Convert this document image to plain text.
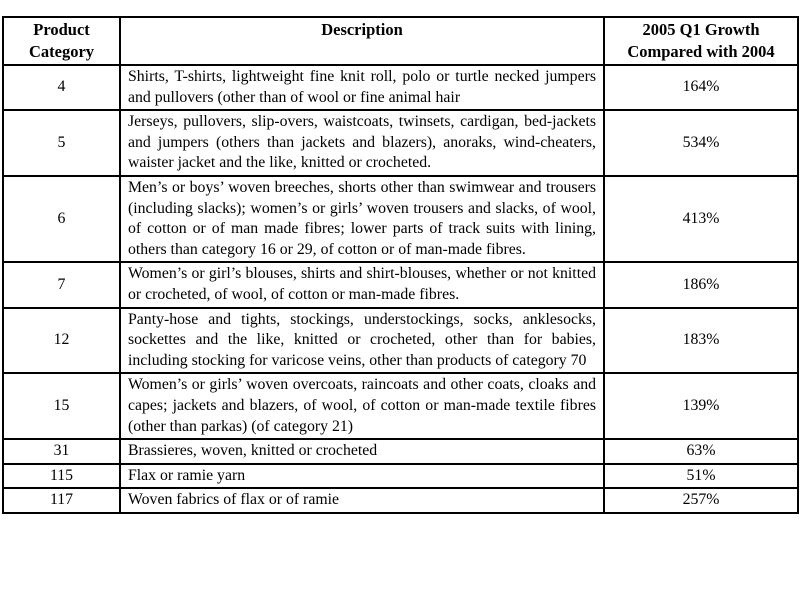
Product Category	Description	2005 Q1 Growth Compared with 2004
4	Shirts, T-shirts, lightweight fine knit roll, polo or turtle necked jumpers and pullovers (other than of wool or fine animal hair	164%
5	Jerseys, pullovers, slip-overs, waistcoats, twinsets, cardigan, bed-jackets and jumpers (others than jackets and blazers), anoraks, wind-cheaters, waister jacket and the like, knitted or crocheted.	534%
6	Men’s or boys’ woven breeches, shorts other than swimwear and trousers (including slacks); women’s or girls’ woven trousers and slacks, of wool, of cotton or of man made fibres; lower parts of track suits with lining, others than category 16 or 29, of cotton or of man-made fibres.	413%
7	Women’s or girl’s blouses, shirts and shirt-blouses, whether or not knitted or crocheted, of wool, of cotton or man-made fibres.	186%
12	Panty-hose and tights, stockings, understockings, socks, anklesocks, sockettes and the like, knitted or crocheted, other than for babies, including stocking for varicose veins, other than products of category 70	183%
15	Women’s or girls’ woven overcoats, raincoats and other coats, cloaks and capes; jackets and blazers, of wool, of cotton or man-made textile fibres (other than parkas) (of category 21)	139%
31	Brassieres, woven, knitted or crocheted	63%
115	Flax or ramie yarn	51%
117	Woven fabrics of flax or of ramie	257%
